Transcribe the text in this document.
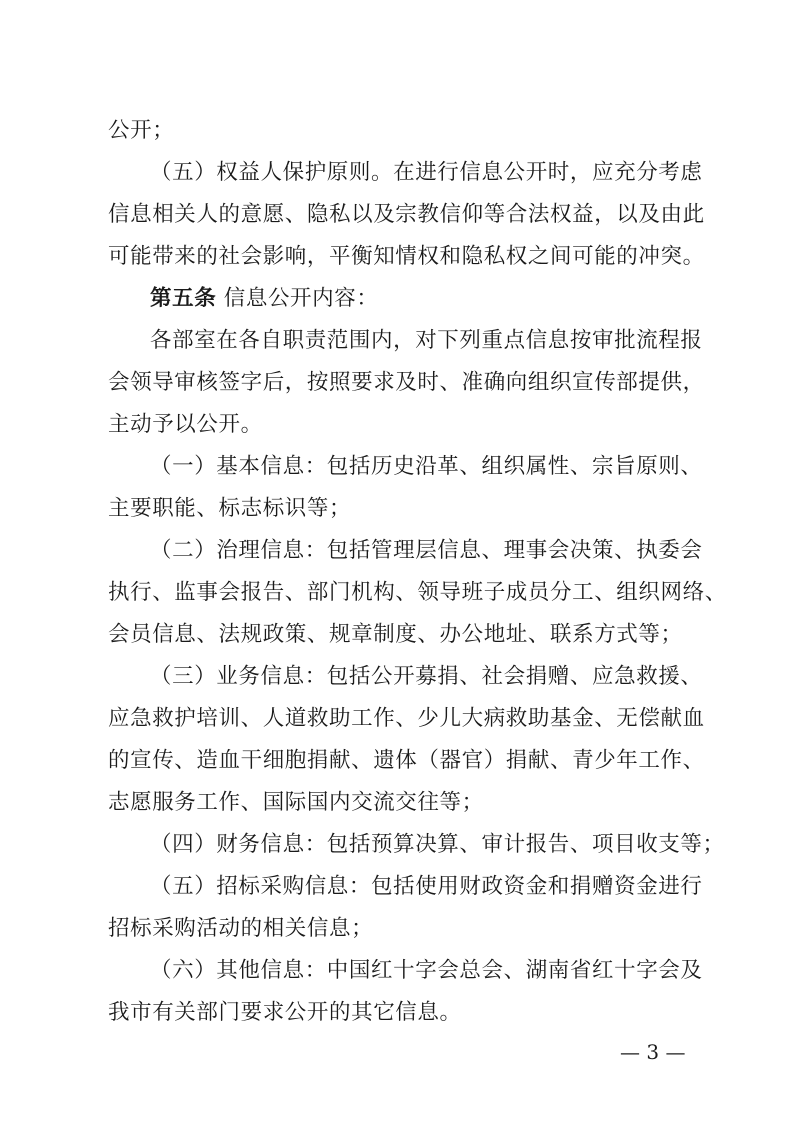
公开；
（五）权益人保护原则。在进行信息公开时，应充分考虑
信息相关人的意愿、隐私以及宗教信仰等合法权益，以及由此
可能带来的社会影响，平衡知情权和隐私权之间可能的冲突。
第五条 信息公开内容：
各部室在各自职责范围内，对下列重点信息按审批流程报
会领导审核签字后，按照要求及时、准确向组织宣传部提供，
主动予以公开。
（一）基本信息：包括历史沿革、组织属性、宗旨原则、
主要职能、标志标识等；
（二）治理信息：包括管理层信息、理事会决策、执委会
执行、监事会报告、部门机构、领导班子成员分工、组织网络、
会员信息、法规政策、规章制度、办公地址、联系方式等；
（三）业务信息：包括公开募捐、社会捐赠、应急救援、
应急救护培训、人道救助工作、少儿大病救助基金、无偿献血
的宣传、造血干细胞捐献、遗体（器官）捐献、青少年工作、
志愿服务工作、国际国内交流交往等；
（四）财务信息：包括预算决算、审计报告、项目收支等；
（五）招标采购信息：包括使用财政资金和捐赠资金进行
招标采购活动的相关信息；
（六）其他信息：中国红十字会总会、湖南省红十字会及
我市有关部门要求公开的其它信息。
— 3 —
